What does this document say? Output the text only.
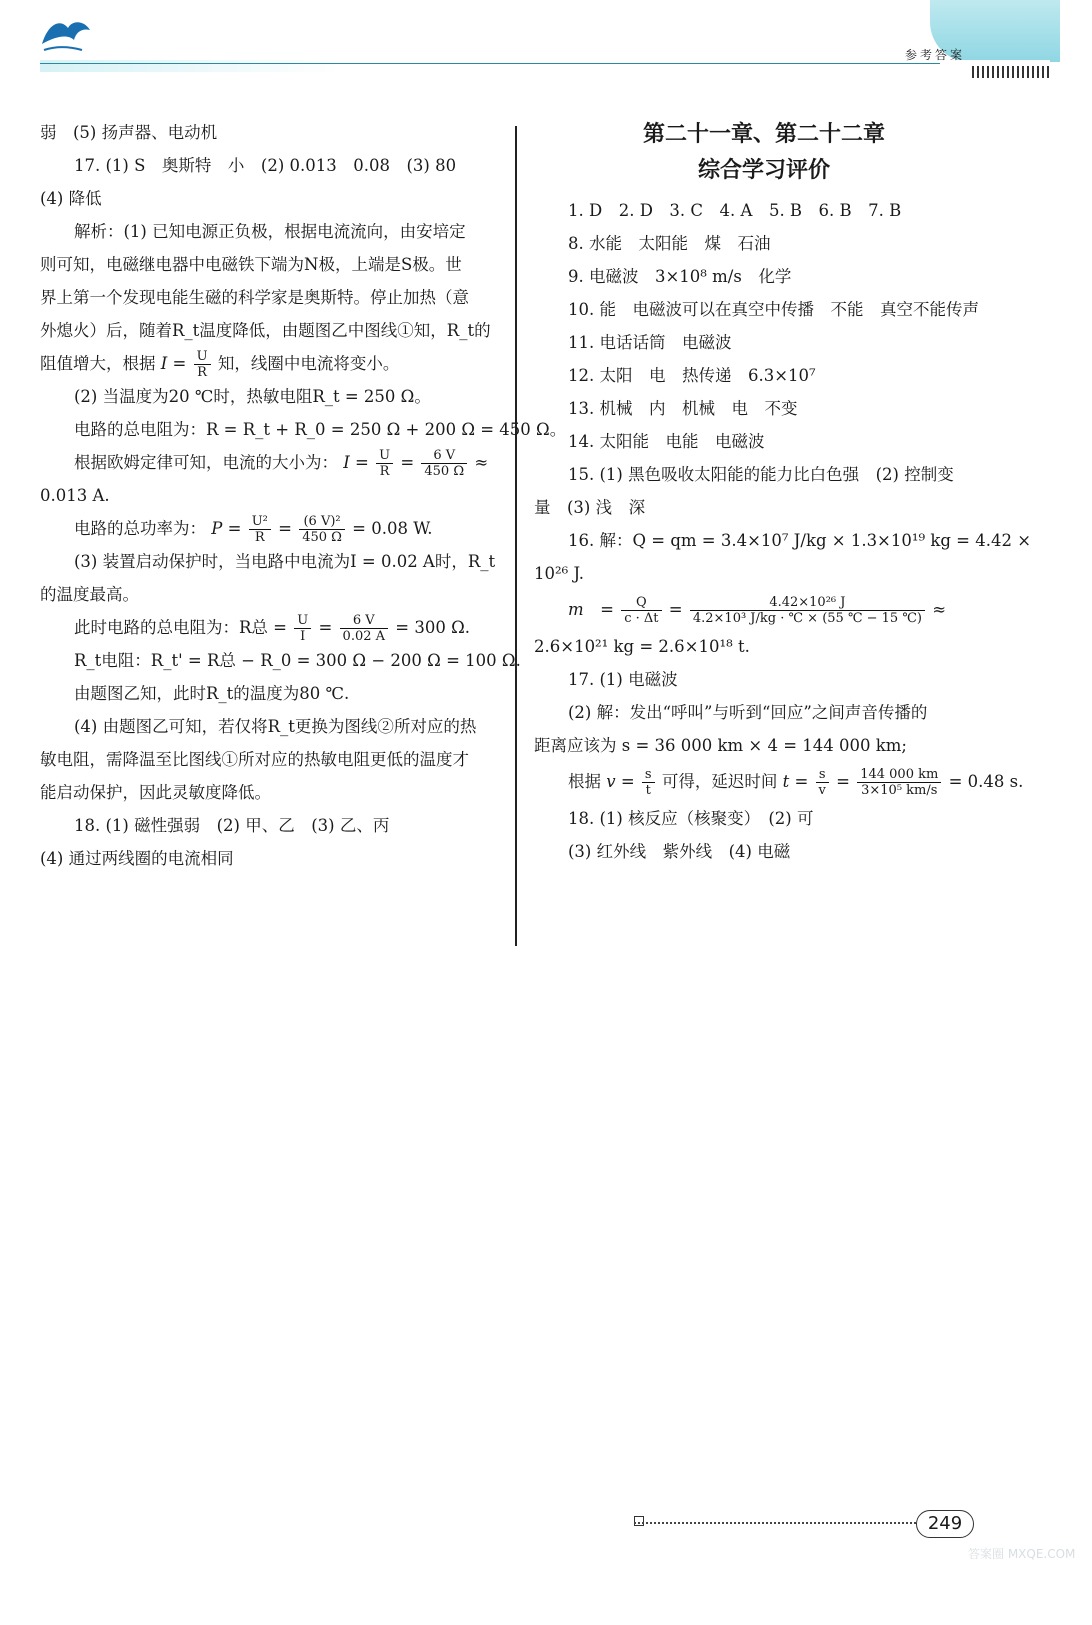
参考答案
弱　(5) 扬声器、电动机
17. (1) S　奥斯特　小　(2) 0.013　0.08　(3) 80
(4) 降低
解析：(1) 已知电源正负极，根据电流流向，由安培定
则可知，电磁继电器中电磁铁下端为N极，上端是S极。世
界上第一个发现电能生磁的科学家是奥斯特。停止加热（意
外熄火）后，随着R_t温度降低，由题图乙中图线①知，R_t的
阻值增大，根据 $I = \frac{U}{R}$ 知，线圈中电流将变小。
(2) 当温度为20 ℃时，热敏电阻R_t = 250 Ω。
电路的总电阻为：R = R_t + R_0 = 250 Ω + 200 Ω = 450 Ω。
根据欧姆定律可知，电流的大小为： $I = \frac{U}{R} = \frac{6 V}{450 \Omega}$ ≈
0.013 A.
电路的总功率为： $P = \frac{\text{U²}}{R} = \frac{\text{(6 V)²}}{450 \Omega} = 0.08$ W.
(3) 装置启动保护时，当电路中电流为I = 0.02 A时，R_t
的温度最高。
此时电路的总电阻为：R总 = $\frac{U}{I} = \frac{6 V}{0.02 A} = 300$ Ω.
R_t电阻：R_t' = R总 − R_0 = 300 Ω − 200 Ω = 100 Ω.
由题图乙知，此时R_t的温度为80 ℃.
(4) 由题图乙可知，若仅将R_t更换为图线②所对应的热
敏电阻，需降温至比图线①所对应的热敏电阻更低的温度才
能启动保护，因此灵敏度降低。
18. (1) 磁性强弱　(2) 甲、乙　(3) 乙、丙
(4) 通过两线圈的电流相同
第二十一章、第二十二章
综合学习评价
1. D　2. D　3. C　4. A　5. B　6. B　7. B
8. 水能　太阳能　煤　石油
9. 电磁波　3×10⁸ m/s　化学
10. 能　电磁波可以在真空中传播　不能　真空不能传声
11. 电话话筒　电磁波
12. 太阳　电　热传递　6.3×10⁷
13. 机械　内　机械　电　不变
14. 太阳能　电能　电磁波
15. (1) 黑色吸收太阳能的能力比白色强　(2) 控制变
量　(3) 浅　深
16. 解：Q = qm = 3.4×10⁷ J/kg × 1.3×10¹⁹ kg = 4.42 ×
10²⁶ J.
m　= $\frac{Q}{c \cdot \Delta t} = \frac{\text{4.42×10²⁶ J}}{\text{4.2×10³ J/kg · ℃ × (55 ℃ − 15 ℃)}}$ ≈
2.6×10²¹ kg = 2.6×10¹⁸ t.
17. (1) 电磁波
(2) 解：发出“呼叫”与听到“回应”之间声音传播的
距离应该为 s = 36 000 km × 4 = 144 000 km;
根据 $v = \frac{s}{t}$ 可得，延迟时间 $t = \frac{s}{v} = \frac{144 000 km}{\text{3×10⁵ km/s}} = 0.48$ s.
18. (1) 核反应（核聚变）　(2) 可
(3) 红外线　紫外线　(4) 电磁
249
答案圈 MXQE.COM
